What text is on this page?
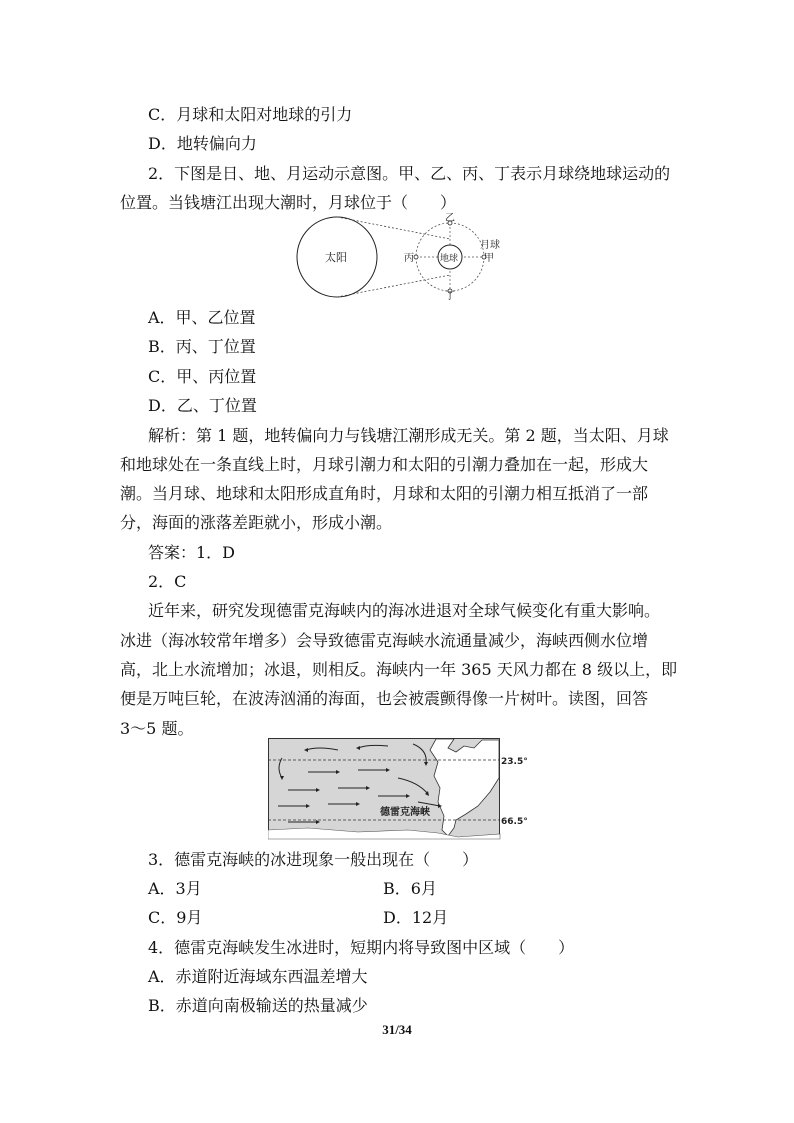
C．月球和太阳对地球的引力
D．地转偏向力
2．下图是日、地、月运动示意图。甲、乙、丙、丁表示月球绕地球运动的
位置。当钱塘江出现大潮时，月球位于（　　）
太阳	地球
乙
丁
丙
月球
甲
A．甲、乙位置
B．丙、丁位置
C．甲、丙位置
D．乙、丁位置
解析：第 1 题，地转偏向力与钱塘江潮形成无关。第 2 题，当太阳、月球
和地球处在一条直线上时，月球引潮力和太阳的引潮力叠加在一起，形成大
潮。当月球、地球和太阳形成直角时，月球和太阳的引潮力相互抵消了一部
分，海面的涨落差距就小，形成小潮。
答案：1．D
2．C
近年来，研究发现德雷克海峡内的海冰进退对全球气候变化有重大影响。
冰进（海冰较常年增多）会导致德雷克海峡水流通量减少，海峡西侧水位增
高，北上水流增加；冰退，则相反。海峡内一年 365 天风力都在 8 级以上，即
便是万吨巨轮，在波涛汹涌的海面，也会被震颤得像一片树叶。读图，回答
3～5 题。
23.5°
66.5°
德雷克海峡
3．德雷克海峡的冰进现象一般出现在（　　）
A．3月	B．6月
C．9月	D．12月
4．德雷克海峡发生冰进时，短期内将导致图中区域（　　）
A．赤道附近海域东西温差增大
B．赤道向南极输送的热量减少
31/34
